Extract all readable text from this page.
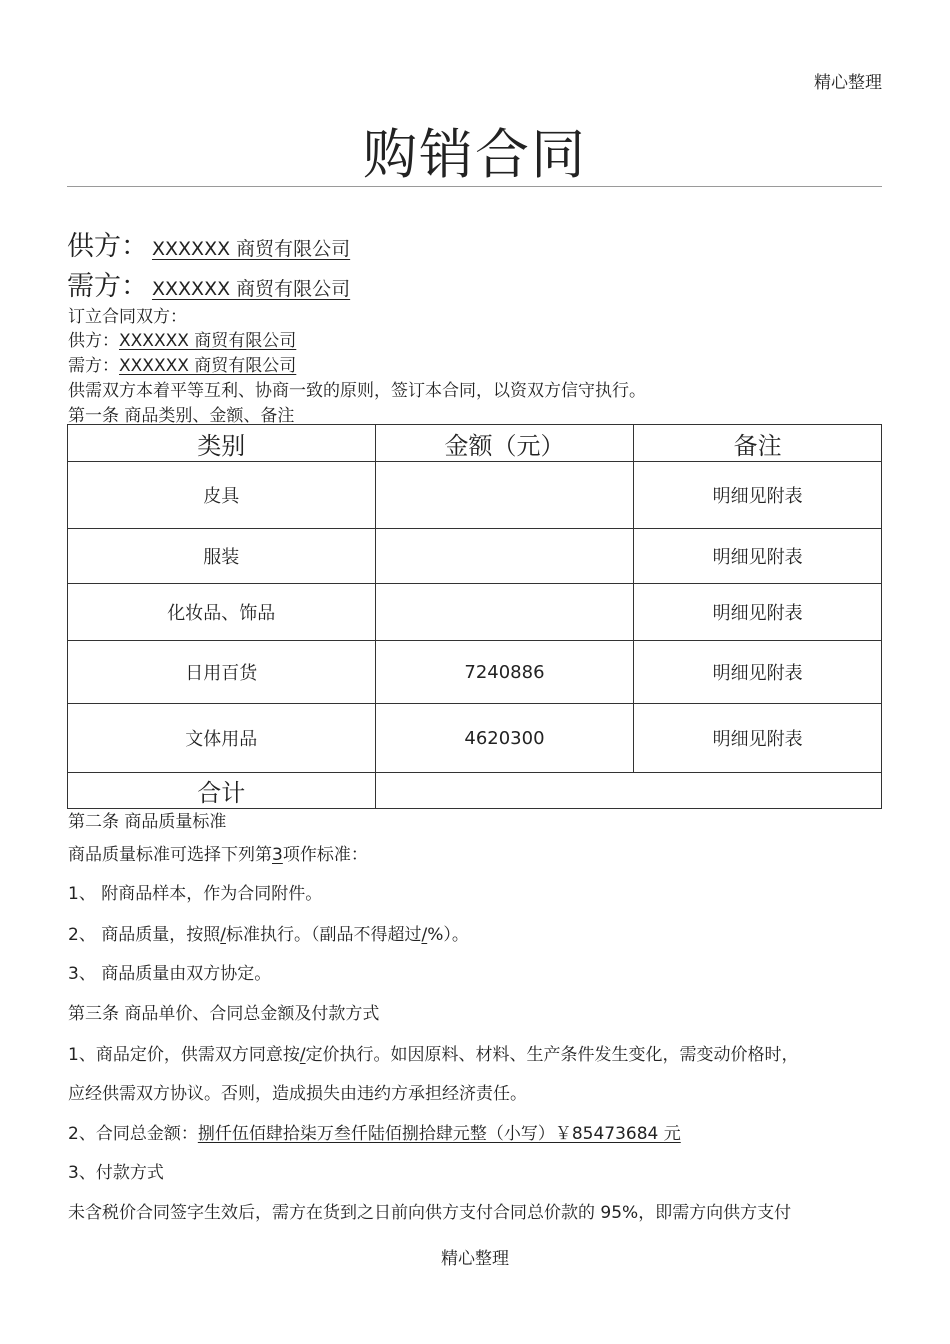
精心整理
购销合同
供方： XXXXXX 商贸有限公司
需方： XXXXXX 商贸有限公司
订立合同双方：
供方：XXXXXX 商贸有限公司
需方：XXXXXX 商贸有限公司
供需双方本着平等互利、协商一致的原则，签订本合同，以资双方信守执行。
第一条 商品类别、金额、备注
类别	金额（元）	备注
皮具		明细见附表
服装		明细见附表
化妆品、饰品		明细见附表
日用百货	7240886	明细见附表
文体用品	4620300	明细见附表
合计		
第二条 商品质量标准
商品质量标准可选择下列第3项作标准：
1、 附商品样本，作为合同附件。
2、 商品质量，按照/标准执行。（副品不得超过/%）。
3、 商品质量由双方协定。
第三条 商品单价、合同总金额及付款方式
1、商品定价，供需双方同意按/定价执行。如因原料、材料、生产条件发生变化，需变动价格时，
应经供需双方协议。否则，造成损失由违约方承担经济责任。
2、合同总金额：捌仟伍佰肆拾柒万叁仟陆佰捌拾肆元整（小写）￥85473684 元
3、付款方式
未含税价合同签字生效后，需方在货到之日前向供方支付合同总价款的 95%，即需方向供方支付
精心整理
